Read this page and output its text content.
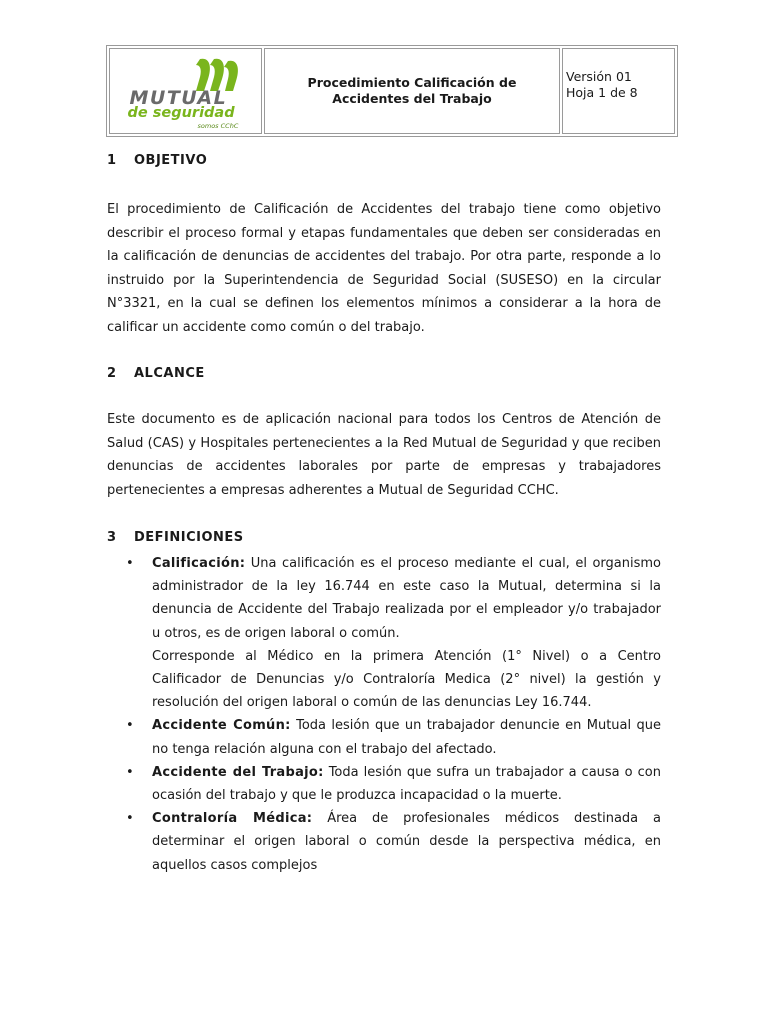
MUTUAL
de seguridad
somos CChC
Procedimiento Calificación de Accidentes del Trabajo
Versión 01
Hoja 1 de 8
1 OBJETIVO

El procedimiento de Calificación de Accidentes del trabajo tiene como objetivo describir el proceso formal y etapas fundamentales que deben ser consideradas en la calificación de denuncias de accidentes del trabajo. Por otra parte, responde a lo instruido por la Superintendencia de Seguridad Social (SUSESO) en la circular N°3321, en la cual se definen los elementos mínimos a considerar a la hora de calificar un accidente como común o del trabajo.

2 ALCANCE

Este documento es de aplicación nacional para todos los Centros de Atención de Salud (CAS) y Hospitales pertenecientes a la Red Mutual de Seguridad y que reciben denuncias de accidentes laborales por parte de empresas y trabajadores pertenecientes a empresas adherentes a Mutual de Seguridad CCHC.

3 DEFINICIONES
• Calificación: Una calificación es el proceso mediante el cual, el organismo administrador de la ley 16.744 en este caso la Mutual, determina si la denuncia de Accidente del Trabajo realizada por el empleador y/o trabajador u otros, es de origen laboral o común.
Corresponde al Médico en la primera Atención (1° Nivel) o a Centro Calificador de Denuncias y/o Contraloría Medica (2° nivel) la gestión y resolución del origen laboral o común de las denuncias Ley 16.744.
• Accidente Común: Toda lesión que un trabajador denuncie en Mutual que no tenga relación alguna con el trabajo del afectado.
• Accidente del Trabajo: Toda lesión que sufra un trabajador a causa o con ocasión del trabajo y que le produzca incapacidad o la muerte.
• Contraloría Médica: Área de profesionales médicos destinada a determinar el origen laboral o común desde la perspectiva médica, en aquellos casos complejos
